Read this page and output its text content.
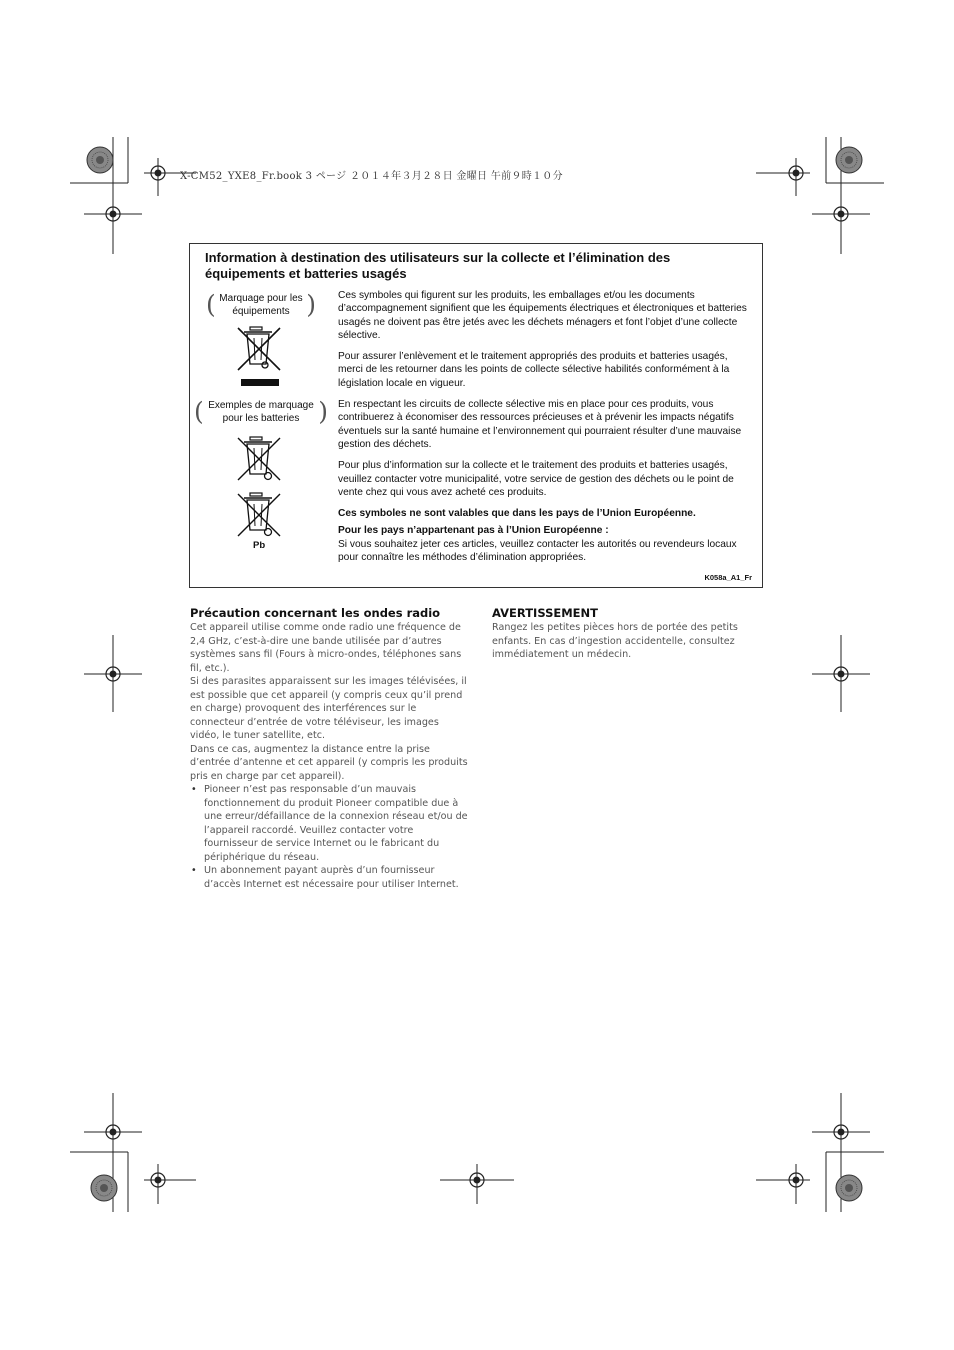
X-CM52_YXE8_Fr.book 3 ページ ２０１４年３月２８日 金曜日 午前９時１０分
Information à destination des utilisateurs sur la collecte et l’élimination des équipements et batteries usagés
( Marquage pour les équipements )
( Exemples de marquage pour les batteries )
Pb

Ces symboles qui figurent sur les produits, les emballages et/ou les documents d’accompagnement signifient que les équipements électriques et électroniques et batteries usagés ne doivent pas être jetés avec les déchets ménagers et font l’objet d’une collecte sélective.

Pour assurer l’enlèvement et le traitement appropriés des produits et batteries usagés, merci de les retourner dans les points de collecte sélective habilités conformément à la législation locale en vigueur.

En respectant les circuits de collecte sélective mis en place pour ces produits, vous contribuerez à économiser des ressources précieuses et à prévenir les impacts négatifs éventuels sur la santé humaine et l’environnement qui pourraient résulter d’une mauvaise gestion des déchets.

Pour plus d’information sur la collecte et le traitement des produits et batteries usagés, veuillez contacter votre municipalité, votre service de gestion des déchets ou le point de vente chez qui vous avez acheté ces produits.

Ces symboles ne sont valables que dans les pays de l’Union Européenne.

Pour les pays n’appartenant pas à l’Union Européenne :

Si vous souhaitez jeter ces articles, veuillez contacter les autorités ou revendeurs locaux pour connaître les méthodes d’élimination appropriées.

K058a_A1_Fr
Précaution concernant les ondes radio

Cet appareil utilise comme onde radio une fréquence de 2,4 GHz, c’est-à-dire une bande utilisée par d’autres systèmes sans fil (Fours à micro-ondes, téléphones sans fil, etc.).

Si des parasites apparaissent sur les images télévisées, il est possible que cet appareil (y compris ceux qu’il prend en charge) provoquent des interférences sur le connecteur d’entrée de votre téléviseur, les images vidéo, le tuner satellite, etc.

Dans ce cas, augmentez la distance entre la prise d’entrée d’antenne et cet appareil (y compris les produits pris en charge par cet appareil).

• Pioneer n’est pas responsable d’un mauvais fonctionnement du produit Pioneer compatible due à une erreur/défaillance de la connexion réseau et/ou de l’appareil raccordé. Veuillez contacter votre fournisseur de service Internet ou le fabricant du périphérique du réseau.
• Un abonnement payant auprès d’un fournisseur d’accès Internet est nécessaire pour utiliser Internet.
AVERTISSEMENT

Rangez les petites pièces hors de portée des petits enfants. En cas d’ingestion accidentelle, consultez immédiatement un médecin.
